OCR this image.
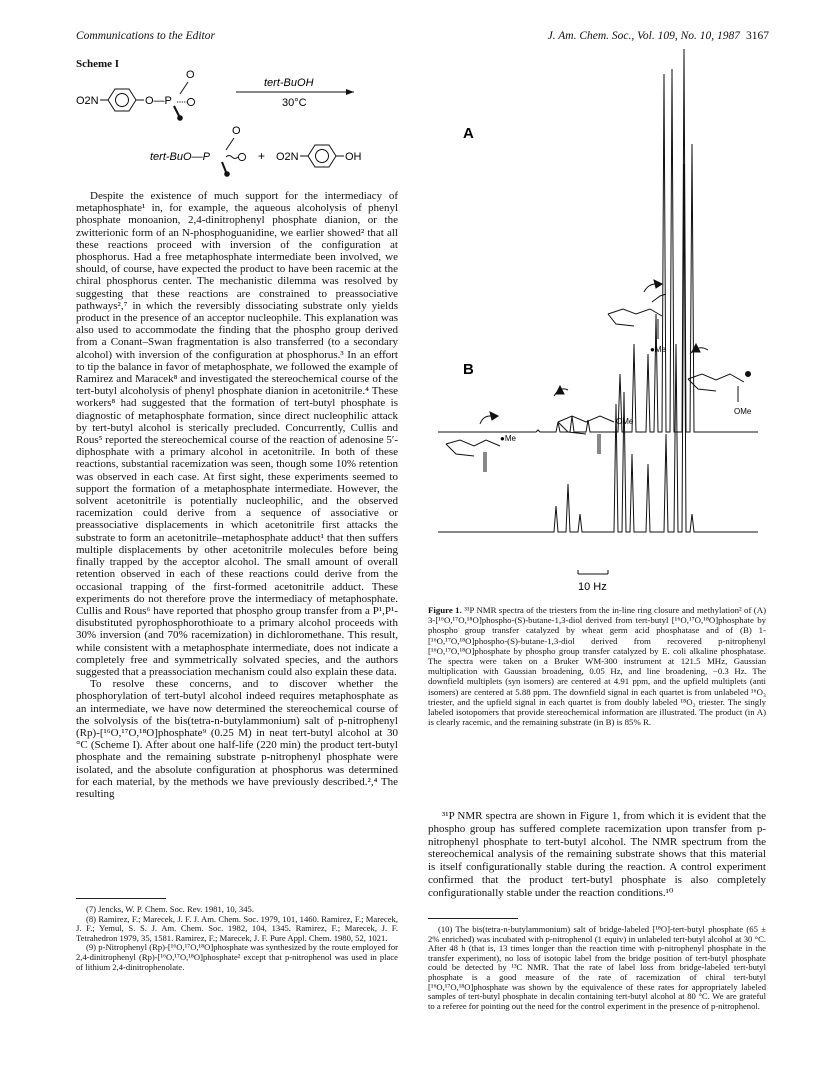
Communications to the Editor	J. Am. Chem. Soc., Vol. 109, No. 10, 1987 3167
Scheme I
O2N	O—P
O
tert-BuOH
30°C
tert-BuO—P
O
+ O2N	OH

Despite the existence of much support for the intermediacy of metaphosphate¹ in, for example, the aqueous alcoholysis of phenyl phosphate monoanion, 2,4-dinitrophenyl phosphate dianion, or the zwitterionic form of an N-phosphoguanidine, we earlier showed² that all these reactions proceed with inversion of the configuration at phosphorus. Had a free metaphosphate intermediate been involved, we should, of course, have expected the product to have been racemic at the chiral phosphorus center. The mechanistic dilemma was resolved by suggesting that these reactions are constrained to preassociative pathways²,⁷ in which the reversibly dissociating substrate only yields product in the presence of an acceptor nucleophile. This explanation was also used to accommodate the finding that the phospho group derived from a Conant–Swan fragmentation is also transferred (to a secondary alcohol) with inversion of the configuration at phosphorus.³ In an effort to tip the balance in favor of metaphosphate, we followed the example of Ramirez and Maracek⁸ and investigated the stereochemical course of the tert-butyl alcoholysis of phenyl phosphate dianion in acetonitrile.⁴ These workers⁸ had suggested that the formation of tert-butyl phosphate is diagnostic of metaphosphate formation, since direct nucleophilic attack by tert-butyl alcohol is sterically precluded. Concurrently, Cullis and Rous⁵ reported the stereochemical course of the reaction of adenosine 5′-diphosphate with a primary alcohol in acetonitrile. In both of these reactions, substantial racemization was seen, though some 10% retention was observed in each case. At first sight, these experiments seemed to support the formation of a metaphosphate intermediate. However, the solvent acetonitrile is potentially nucleophilic, and the observed racemization could derive from a sequence of associative or preassociative displacements in which acetonitrile first attacks the substrate to form an acetonitrile–metaphosphate adduct¹ that then suffers multiple displacements by other acetonitrile molecules before being finally trapped by the acceptor alcohol. The small amount of overall retention observed in each of these reactions could derive from the occasional trapping of the first-formed acetonitrile adduct. These experiments do not therefore prove the intermediacy of metaphosphate. Cullis and Rous⁶ have reported that phospho group transfer from a P¹,P¹-disubstituted pyrophosphorothioate to a primary alcohol proceeds with 30% inversion (and 70% racemization) in dichloromethane. This result, while consistent with a metaphosphate intermediate, does not indicate a completely free and symmetrically solvated species, and the authors suggested that a preassociation mechanism could also explain these data.

To resolve these concerns, and to discover whether the phosphorylation of tert-butyl alcohol indeed requires metaphosphate as an intermediate, we have now determined the stereochemical course of the solvolysis of the bis(tetra-n-butylammonium) salt of p-nitrophenyl (Rp)-[¹⁶O,¹⁷O,¹⁸O]phosphate⁹ (0.25 M) in neat tert-butyl alcohol at 30 °C (Scheme I). After about one half-life (220 min) the product tert-butyl phosphate and the remaining substrate p-nitrophenyl phosphate were isolated, and the absolute configuration at phosphorus was determined for each material, by the methods we have previously described.²,⁴ The resulting

(7) Jencks, W. P. Chem. Soc. Rev. 1981, 10, 345.

(8) Ramirez, F.; Marecek, J. F. J. Am. Chem. Soc. 1979, 101, 1460. Ramirez, F.; Marecek, J. F.; Yemul, S. S. J. Am. Chem. Soc. 1982, 104, 1345. Ramirez, F.; Marecek, J. F. Tetrahedron 1979, 35, 1581. Ramirez, F.; Marecek, J. F. Pure Appl. Chem. 1980, 52, 1021.

(9) p-Nitrophenyl (Rp)-[¹⁶O,¹⁷O,¹⁸O]phosphate was synthesized by the route employed for 2,4-dinitrophenyl (Rp)-[¹⁶O,¹⁷O,¹⁸O]phosphate² except that p-nitrophenol was used in place of lithium 2,4-dinitrophenolate.

A
B
●Me
●Me
OMe
OMe
10 Hz
Figure 1. ³¹P NMR spectra of the triesters from the in-line ring closure and methylation² of (A) 3-[¹⁶O,¹⁷O,¹⁸O]phospho-(S)-butane-1,3-diol derived from tert-butyl [¹⁶O,¹⁷O,¹⁸O]phosphate by phospho group transfer catalyzed by wheat germ acid phosphatase and of (B) 1-[¹⁶O,¹⁷O,¹⁸O]phospho-(S)-butane-1,3-diol derived from recovered p-nitrophenyl [¹⁶O,¹⁷O,¹⁸O]phosphate by phospho group transfer catalyzed by E. coli alkaline phosphatase. The spectra were taken on a Bruker WM-300 instrument at 121.5 MHz, Gaussian multiplication with Gaussian broadening, 0.05 Hz, and line broadening, −0.3 Hz. The downfield multiplets (syn isomers) are centered at 4.91 ppm, and the upfield multiplets (anti isomers) are centered at 5.88 ppm. The downfield signal in each quartet is from unlabeled ¹⁶O₃ triester, and the upfield signal in each quartet is from doubly labeled ¹⁸O₂ triester. The singly labeled isotopomers that provide stereochemical information are illustrated. The product (in A) is clearly racemic, and the remaining substrate (in B) is 85% R.

³¹P NMR spectra are shown in Figure 1, from which it is evident that the phospho group has suffered complete racemization upon transfer from p-nitrophenyl phosphate to tert-butyl alcohol. The NMR spectrum from the stereochemical analysis of the remaining substrate shows that this material is itself configurationally stable during the reaction. A control experiment confirmed that the product tert-butyl phosphate is also completely configurationally stable under the reaction conditions.¹⁰

(10) The bis(tetra-n-butylammonium) salt of bridge-labeled [¹⁸O]-tert-butyl phosphate (65 ± 2% enriched) was incubated with p-nitrophenol (1 equiv) in unlabeled tert-butyl alcohol at 30 °C. After 48 h (that is, 13 times longer than the reaction time with p-nitrophenyl phosphate in the transfer experiment), no loss of isotopic label from the bridge position of tert-butyl phosphate could be detected by ¹³C NMR. That the rate of label loss from bridge-labeled tert-butyl phosphate is a good measure of the rate of racemization of chiral tert-butyl [¹⁶O,¹⁷O,¹⁸O]phosphate was shown by the equivalence of these rates for appropriately labeled samples of tert-butyl phosphate in decalin containing tert-butyl alcohol at 80 °C. We are grateful to a referee for pointing out the need for the control experiment in the presence of p-nitrophenol.
